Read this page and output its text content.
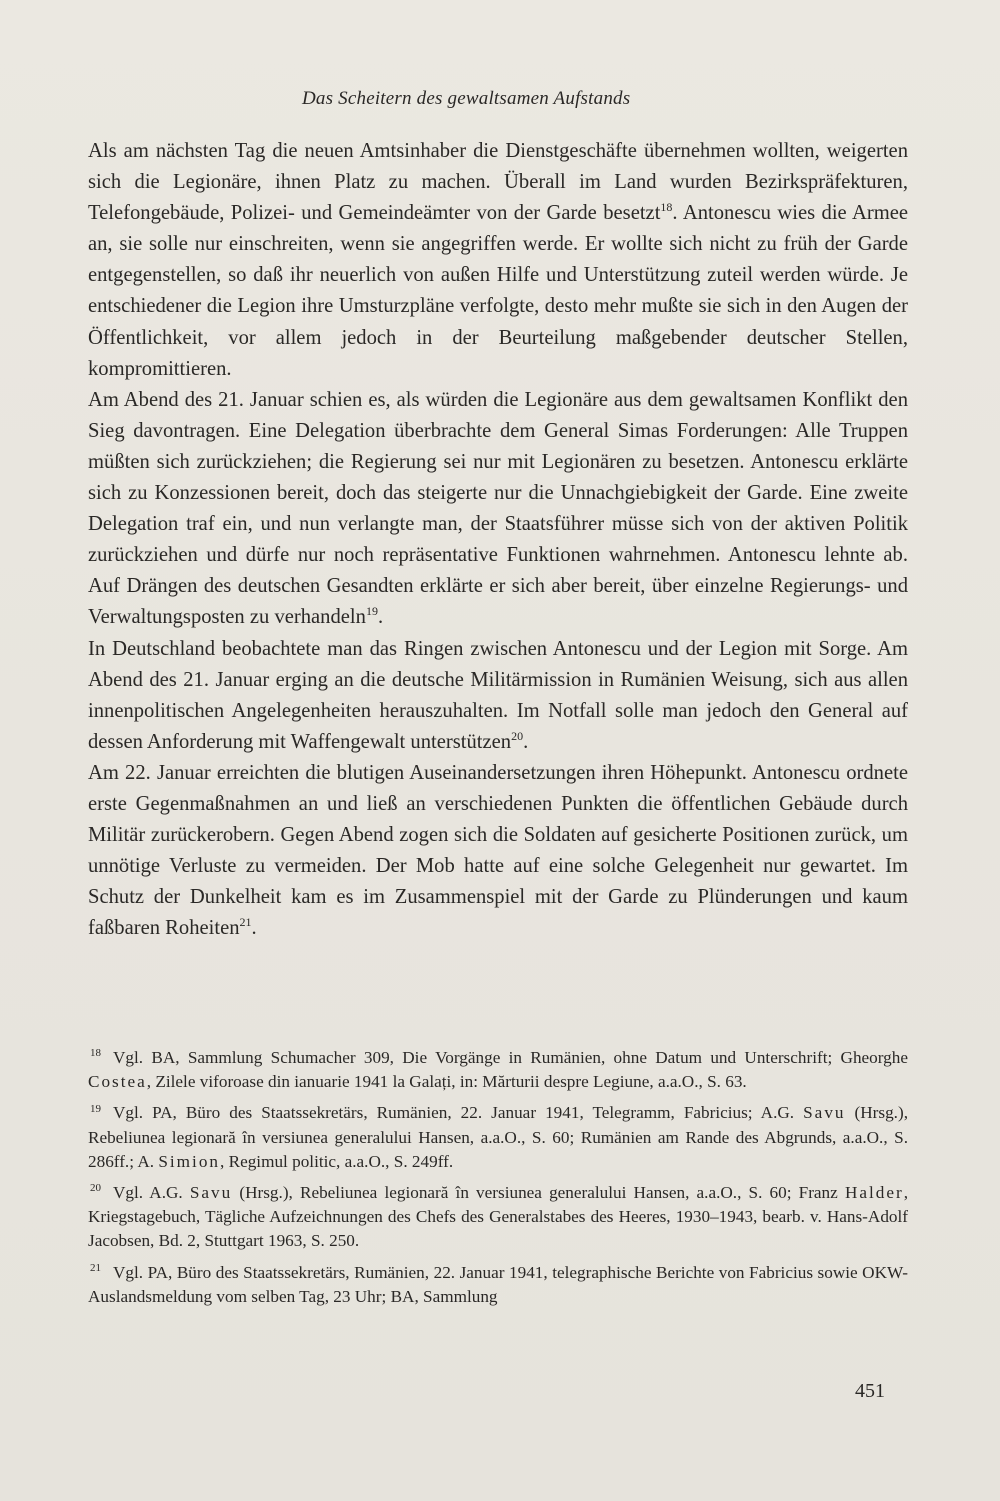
Das Scheitern des gewaltsamen Aufstands

Als am nächsten Tag die neuen Amtsinhaber die Dienstgeschäfte übernehmen wollten, weigerten sich die Legionäre, ihnen Platz zu machen. Überall im Land wurden Bezirkspräfekturen, Telefongebäude, Polizei- und Gemeindeämter von der Garde besetzt$^{18}$. Antonescu wies die Armee an, sie solle nur einschreiten, wenn sie angegriffen werde. Er wollte sich nicht zu früh der Garde entgegenstellen, so daß ihr neuerlich von außen Hilfe und Unterstützung zuteil werden würde. Je entschiedener die Legion ihre Umsturzpläne verfolgte, desto mehr mußte sie sich in den Augen der Öffentlichkeit, vor allem jedoch in der Beurteilung maßgebender deutscher Stellen, kompromittieren.

Am Abend des 21. Januar schien es, als würden die Legionäre aus dem gewaltsamen Konflikt den Sieg davontragen. Eine Delegation überbrachte dem General Simas Forderungen: Alle Truppen müßten sich zurückziehen; die Regierung sei nur mit Legionären zu besetzen. Antonescu erklärte sich zu Konzessionen bereit, doch das steigerte nur die Unnachgiebigkeit der Garde. Eine zweite Delegation traf ein, und nun verlangte man, der Staatsführer müsse sich von der aktiven Politik zurückziehen und dürfe nur noch repräsentative Funktionen wahrnehmen. Antonescu lehnte ab. Auf Drängen des deutschen Gesandten erklärte er sich aber bereit, über einzelne Regierungs- und Verwaltungsposten zu verhandeln$^{19}$.

In Deutschland beobachtete man das Ringen zwischen Antonescu und der Legion mit Sorge. Am Abend des 21. Januar erging an die deutsche Militärmission in Rumänien Weisung, sich aus allen innenpolitischen Angelegenheiten herauszuhalten. Im Notfall solle man jedoch den General auf dessen Anforderung mit Waffengewalt unterstützen$^{20}$.

Am 22. Januar erreichten die blutigen Auseinandersetzungen ihren Höhepunkt. Antonescu ordnete erste Gegenmaßnahmen an und ließ an verschiedenen Punkten die öffentlichen Gebäude durch Militär zurückerobern. Gegen Abend zogen sich die Soldaten auf gesicherte Positionen zurück, um unnötige Verluste zu vermeiden. Der Mob hatte auf eine solche Gelegenheit nur gewartet. Im Schutz der Dunkelheit kam es im Zusammenspiel mit der Garde zu Plünderungen und kaum faßbaren Roheiten$^{21}$.

$^{18}$ Vgl. BA, Sammlung Schumacher 309, Die Vorgänge in Rumänien, ohne Datum und Unterschrift; Gheorghe Costea, Zilele viforoase din ianuarie 1941 la Galați, in: Mărturii despre Legiune, a.a.O., S. 63.

$^{19}$ Vgl. PA, Büro des Staatssekretärs, Rumänien, 22. Januar 1941, Telegramm, Fabricius; A.G. Savu (Hrsg.), Rebeliunea legionară în versiunea generalului Hansen, a.a.O., S. 60; Rumänien am Rande des Abgrunds, a.a.O., S. 286ff.; A. Simion, Regimul politic, a.a.O., S. 249ff.

$^{20}$ Vgl. A.G. Savu (Hrsg.), Rebeliunea legionară în versiunea generalului Hansen, a.a.O., S. 60; Franz Halder, Kriegstagebuch, Tägliche Aufzeichnungen des Chefs des Generalstabes des Heeres, 1930–1943, bearb. v. Hans-Adolf Jacobsen, Bd. 2, Stuttgart 1963, S. 250.

$^{21}$ Vgl. PA, Büro des Staatssekretärs, Rumänien, 22. Januar 1941, telegraphische Berichte von Fabricius sowie OKW-Auslandsmeldung vom selben Tag, 23 Uhr; BA, Sammlung

451
